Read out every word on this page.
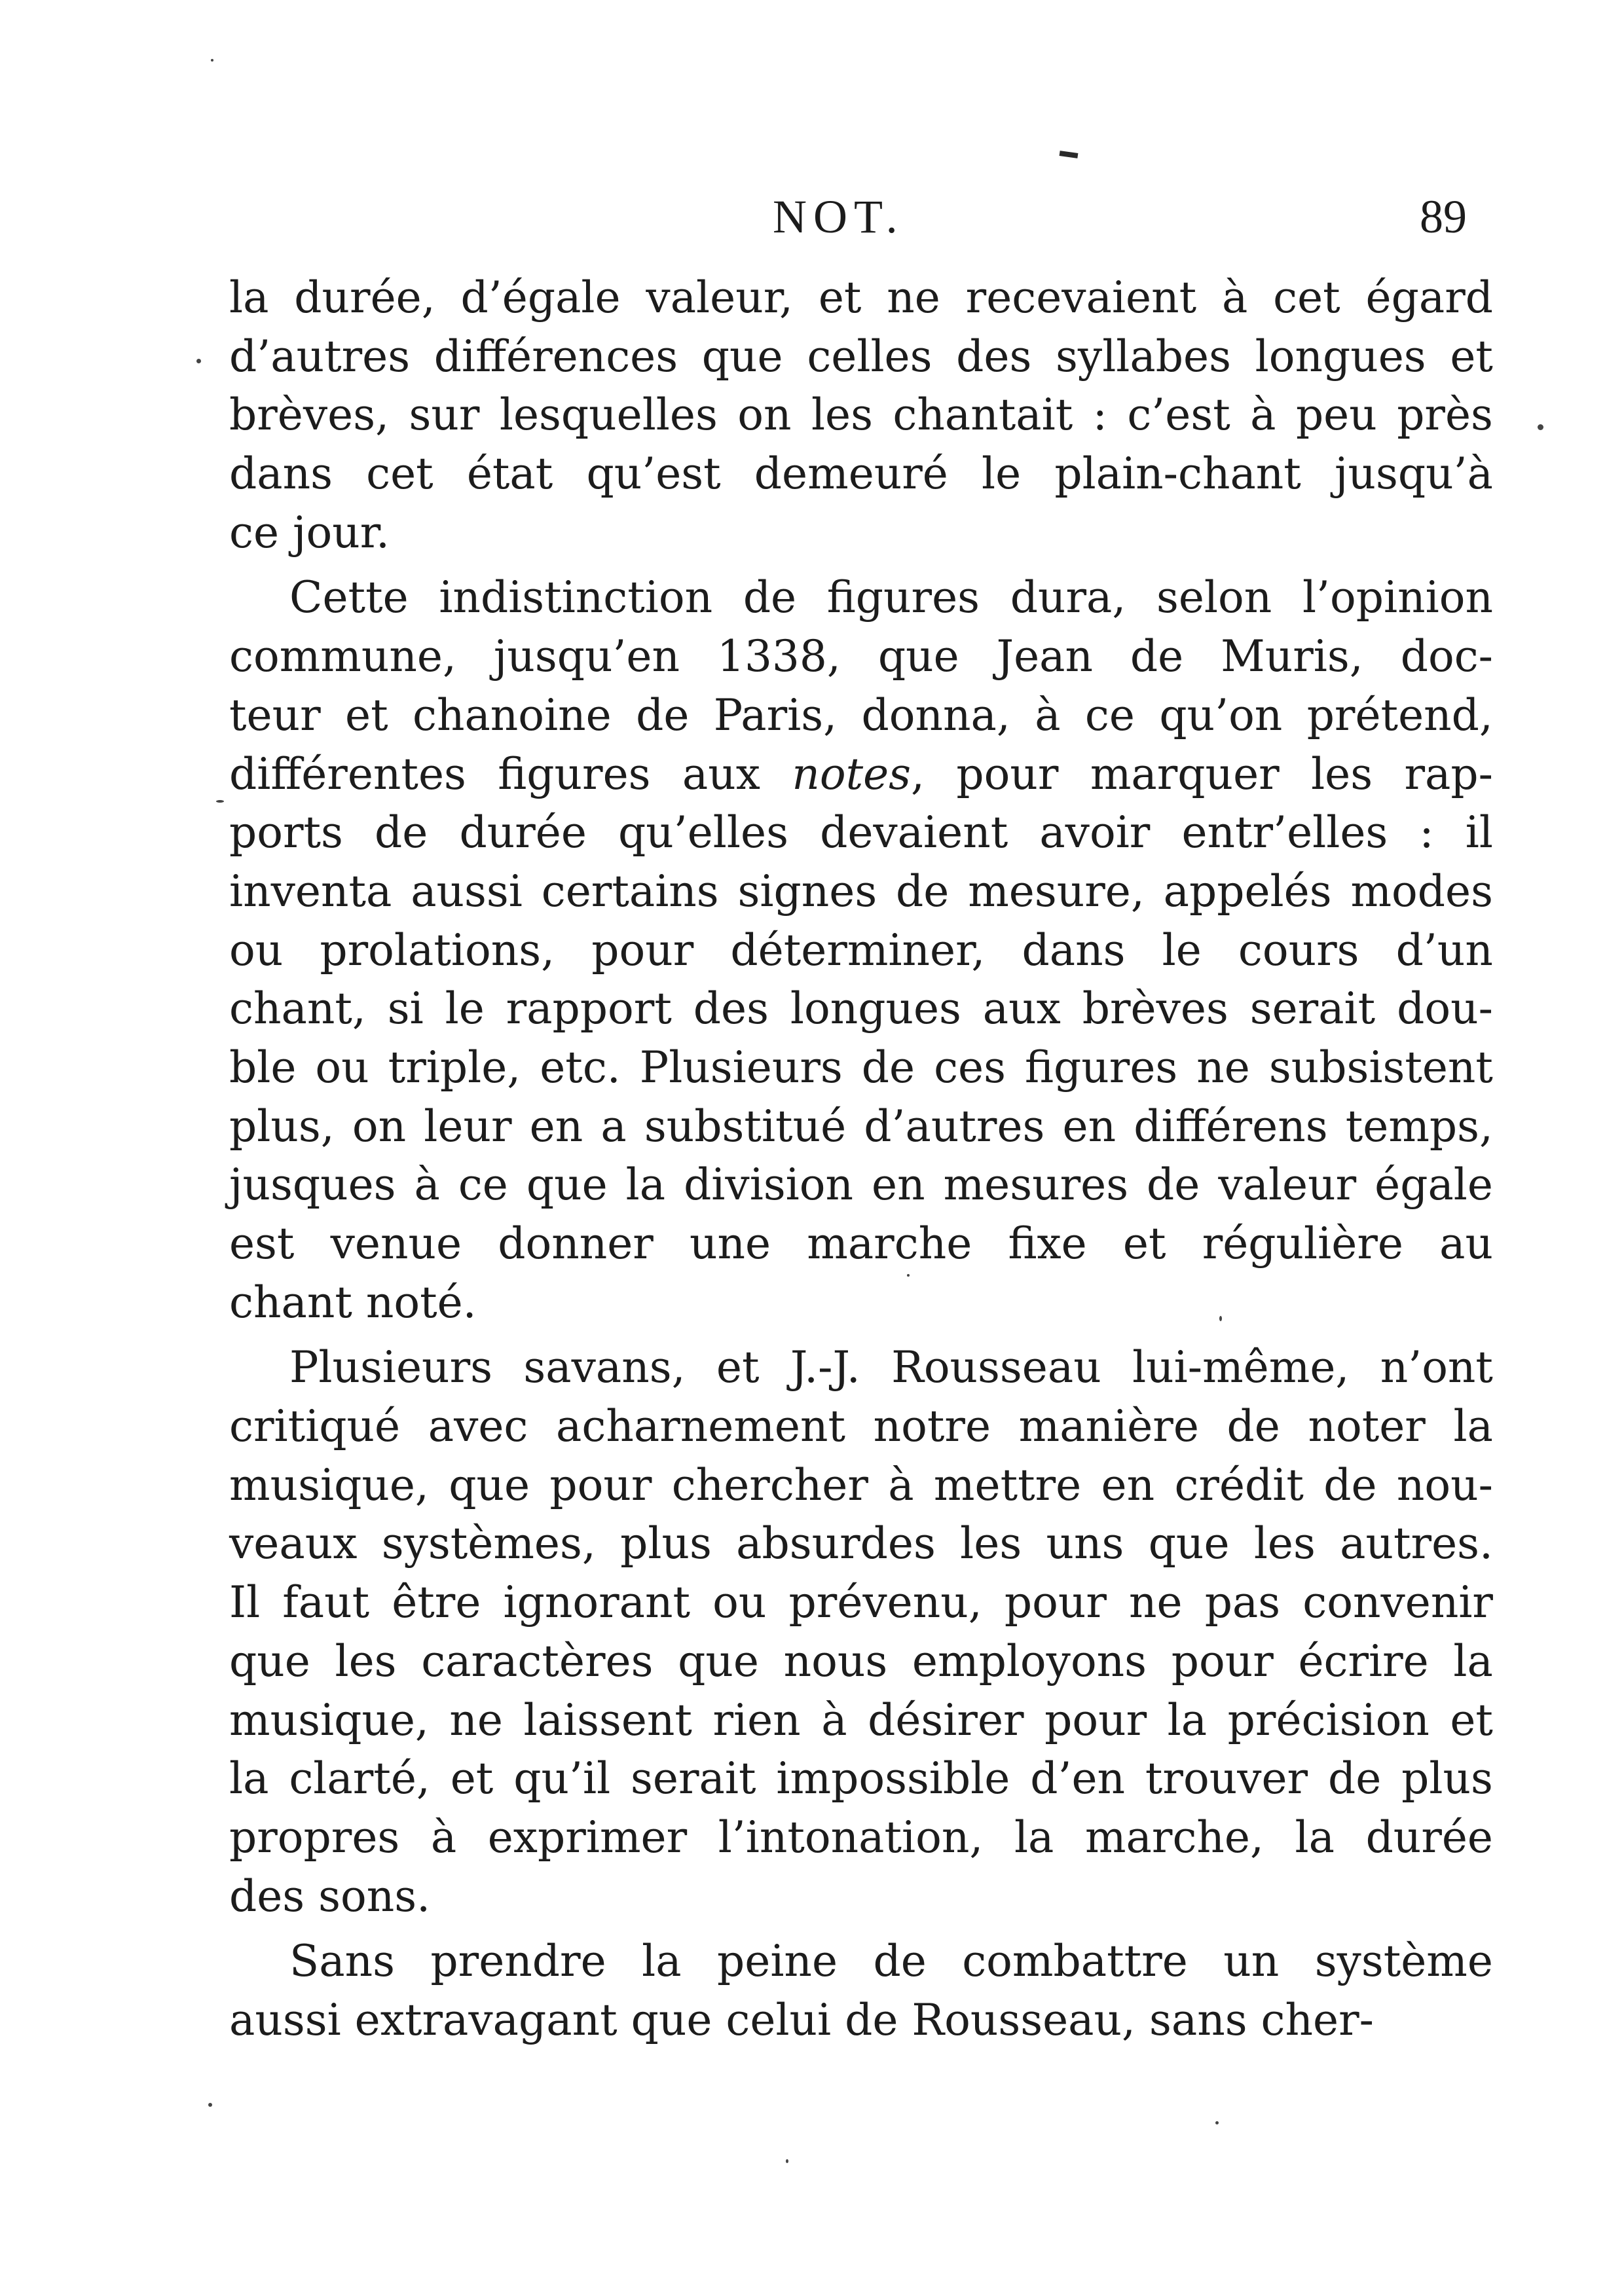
NOT.	89
la durée, d’égale valeur, et ne recevaient à cet égard
d’autres différences que celles des syllabes longues et
brèves, sur lesquelles on les chantait : c’est à peu près
dans cet état qu’est demeuré le plain-chant jusqu’à
ce jour.
Cette indistinction de figures dura, selon l’opinion
commune, jusqu’en 1338, que Jean de Muris, doc-
teur et chanoine de Paris, donna, à ce qu’on prétend,
différentes figures aux notes, pour marquer les rap-
ports de durée qu’elles devaient avoir entr’elles : il
inventa aussi certains signes de mesure, appelés modes
ou prolations, pour déterminer, dans le cours d’un
chant, si le rapport des longues aux brèves serait dou-
ble ou triple, etc. Plusieurs de ces figures ne subsistent
plus, on leur en a substitué d’autres en différens temps,
jusques à ce que la division en mesures de valeur égale
est venue donner une marche fixe et régulière au
chant noté.
Plusieurs savans, et J.-J. Rousseau lui-même, n’ont
critiqué avec acharnement notre manière de noter la
musique, que pour chercher à mettre en crédit de nou-
veaux systèmes, plus absurdes les uns que les autres.
Il faut être ignorant ou prévenu, pour ne pas convenir
que les caractères que nous employons pour écrire la
musique, ne laissent rien à désirer pour la précision et
la clarté, et qu’il serait impossible d’en trouver de plus
propres à exprimer l’intonation, la marche, la durée
des sons.
Sans prendre la peine de combattre un système
aussi extravagant que celui de Rousseau, sans cher-
